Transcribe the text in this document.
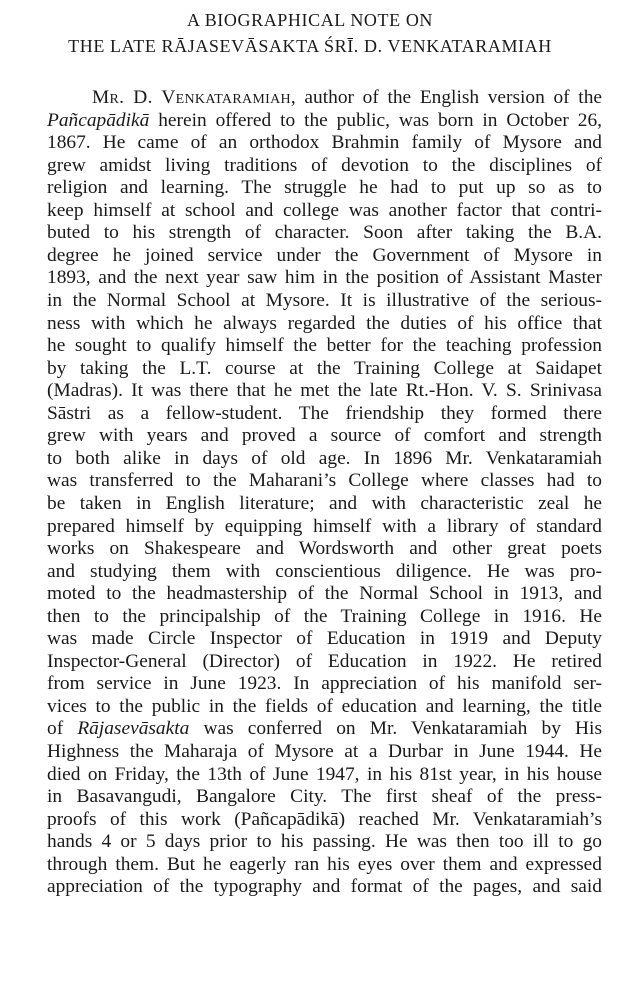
A BIOGRAPHICAL NOTE ON
THE LATE RĀJASEVĀSAKTA ŚRĪ. D. VENKATARAMIAH
Mr. D. Venkataramiah, author of the English version of the
Pañcapādikā herein offered to the public, was born in October 26,
1867. He came of an orthodox Brahmin family of Mysore and
grew amidst living traditions of devotion to the disciplines of
religion and learning. The struggle he had to put up so as to
keep himself at school and college was another factor that contri-
buted to his strength of character. Soon after taking the B.A.
degree he joined service under the Government of Mysore in
1893, and the next year saw him in the position of Assistant Master
in the Normal School at Mysore. It is illustrative of the serious-
ness with which he always regarded the duties of his office that
he sought to qualify himself the better for the teaching profession
by taking the L.T. course at the Training College at Saidapet
(Madras). It was there that he met the late Rt.-Hon. V. S. Srinivasa
Sāstri as a fellow-student. The friendship they formed there
grew with years and proved a source of comfort and strength
to both alike in days of old age. In 1896 Mr. Venkataramiah
was transferred to the Maharani’s College where classes had to
be taken in English literature; and with characteristic zeal he
prepared himself by equipping himself with a library of standard
works on Shakespeare and Wordsworth and other great poets
and studying them with conscientious diligence. He was pro-
moted to the headmastership of the Normal School in 1913, and
then to the principalship of the Training College in 1916. He
was made Circle Inspector of Education in 1919 and Deputy
Inspector-General (Director) of Education in 1922. He retired
from service in June 1923. In appreciation of his manifold ser-
vices to the public in the fields of education and learning, the title
of Rājasevāsakta was conferred on Mr. Venkataramiah by His
Highness the Maharaja of Mysore at a Durbar in June 1944. He
died on Friday, the 13th of June 1947, in his 81st year, in his house
in Basavangudi, Bangalore City. The first sheaf of the press-
proofs of this work (Pañcapādikā) reached Mr. Venkataramiah’s
hands 4 or 5 days prior to his passing. He was then too ill to go
through them. But he eagerly ran his eyes over them and expressed
appreciation of the typography and format of the pages, and said
